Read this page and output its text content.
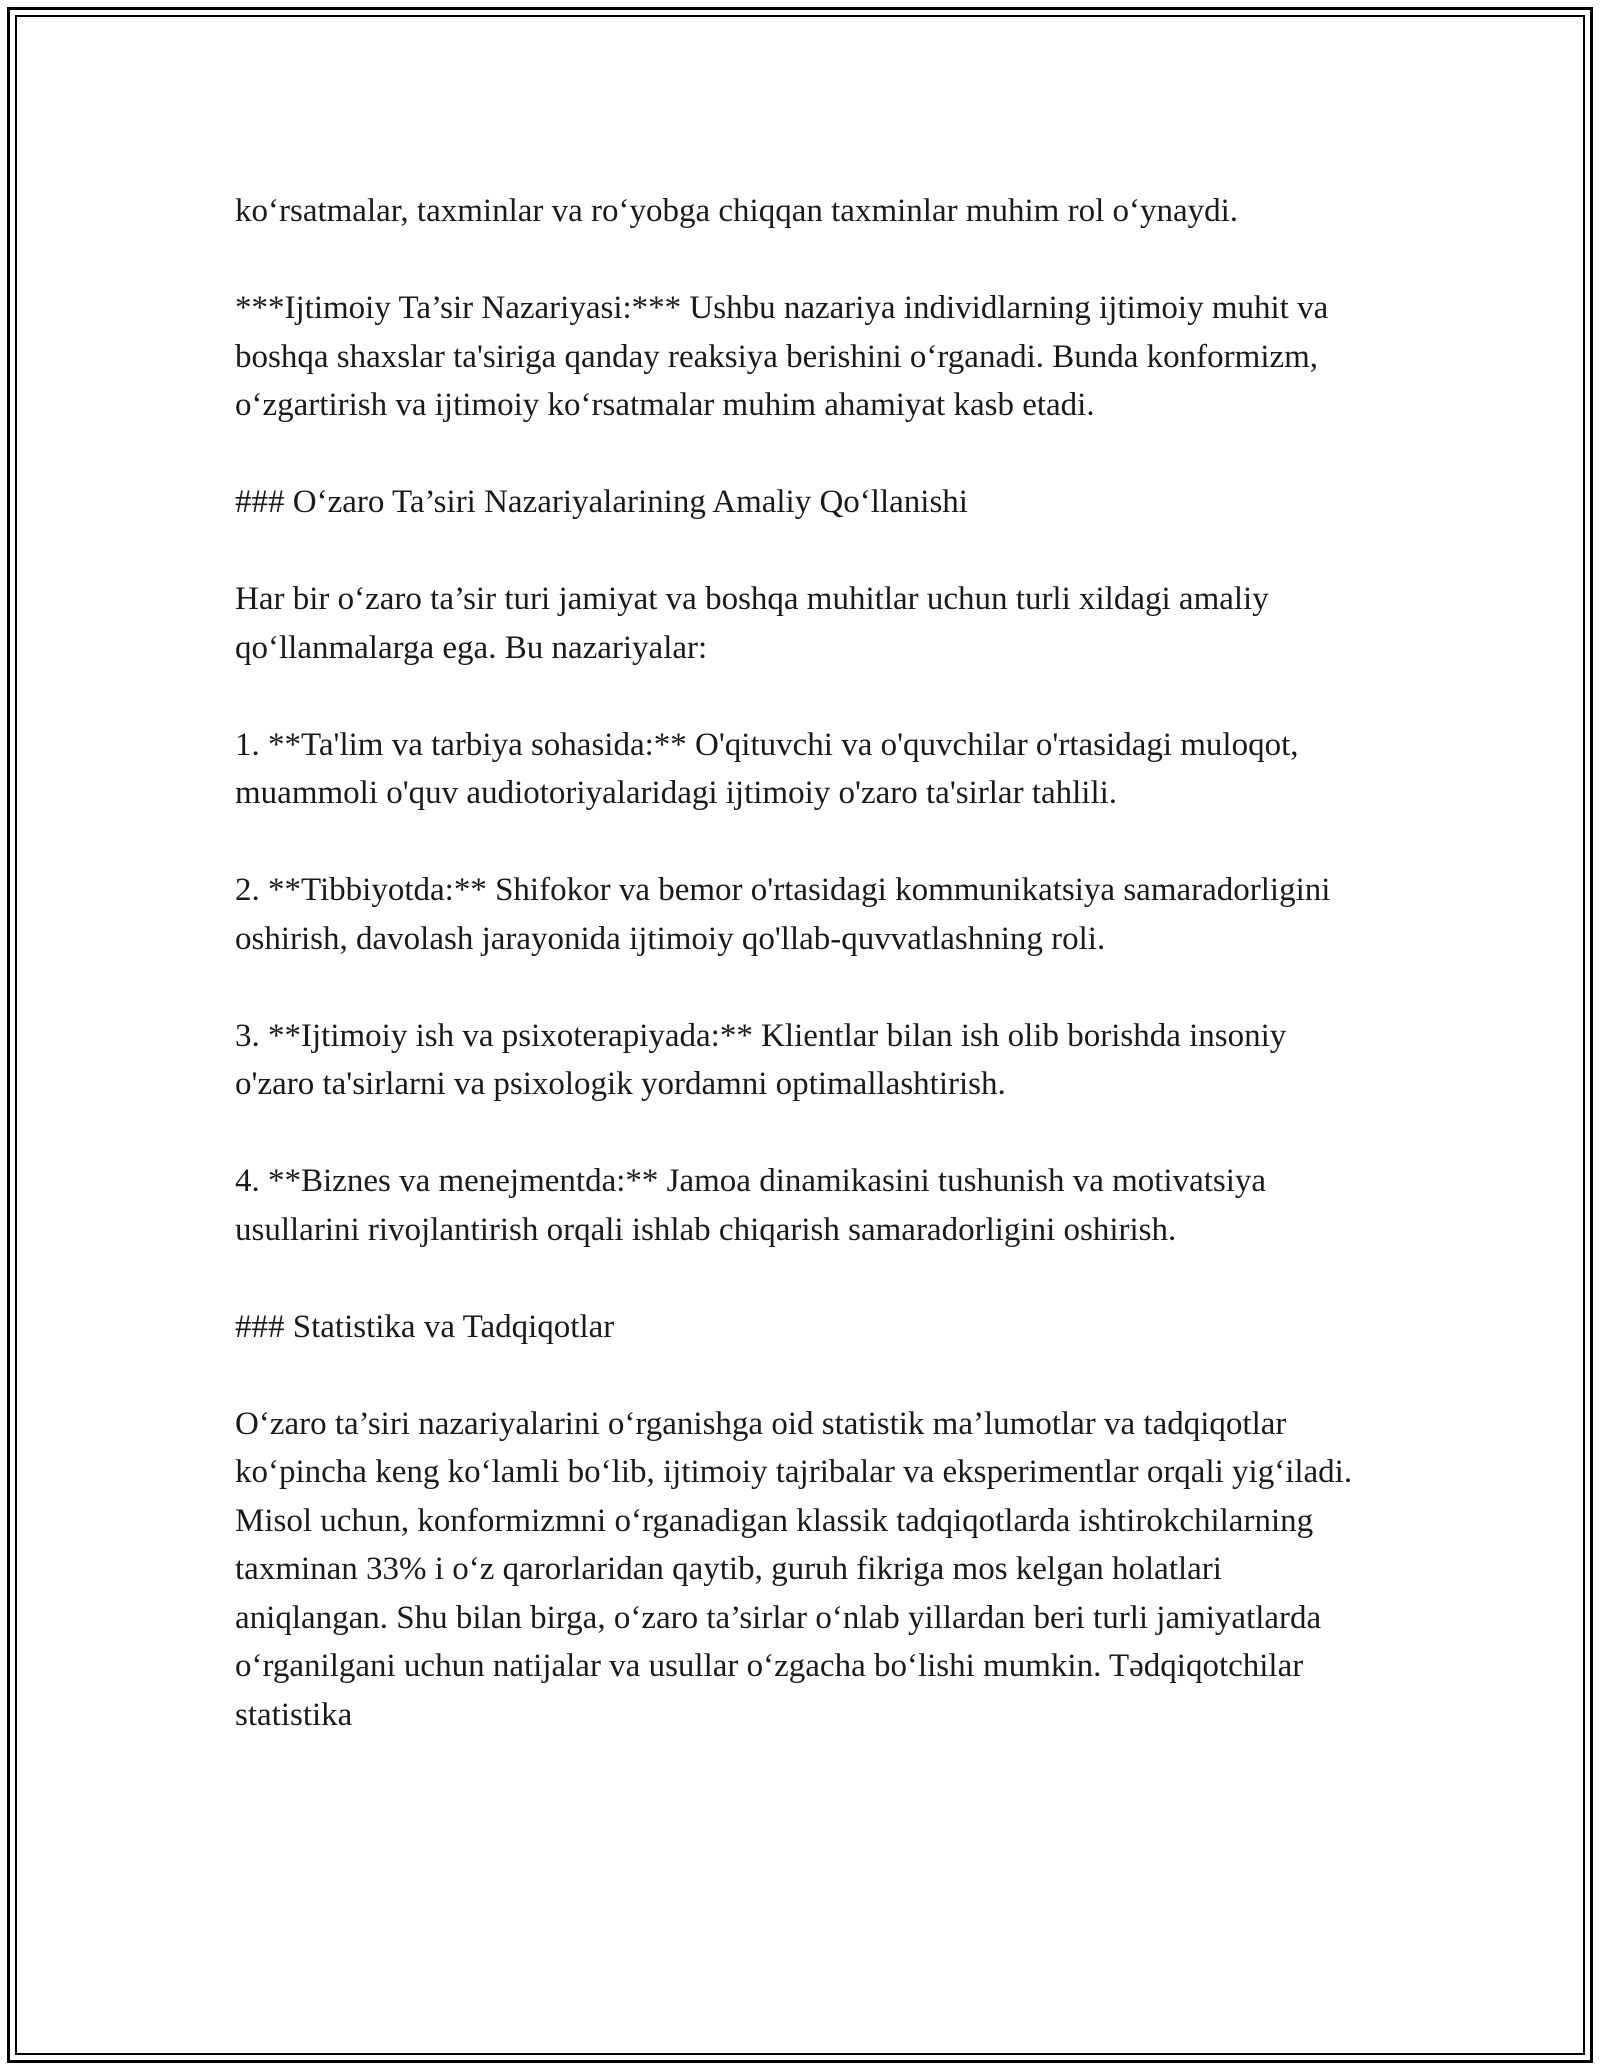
ko‘rsatmalar, taxminlar va ro‘yobga chiqqan taxminlar muhim rol o‘ynaydi.

***Ijtimoiy Ta’sir Nazariyasi:*** Ushbu nazariya individlarning ijtimoiy muhit va boshqa shaxslar ta'siriga qanday reaksiya berishini o‘rganadi. Bunda konformizm, o‘zgartirish va ijtimoiy ko‘rsatmalar muhim ahamiyat kasb etadi.

### O‘zaro Ta’siri Nazariyalarining Amaliy Qo‘llanishi

Har bir o‘zaro ta’sir turi jamiyat va boshqa muhitlar uchun turli xildagi amaliy qo‘llanmalarga ega. Bu nazariyalar:

1. **Ta'lim va tarbiya sohasida:** O'qituvchi va o'quvchilar o'rtasidagi muloqot, muammoli o'quv audiotoriyalaridagi ijtimoiy o'zaro ta'sirlar tahlili.

2. **Tibbiyotda:** Shifokor va bemor o'rtasidagi kommunikatsiya samaradorligini oshirish, davolash jarayonida ijtimoiy qo'llab-quvvatlashning roli.

3. **Ijtimoiy ish va psixoterapiyada:** Klientlar bilan ish olib borishda insoniy o'zaro ta'sirlarni va psixologik yordamni optimallashtirish.

4. **Biznes va menejmentda:** Jamoa dinamikasini tushunish va motivatsiya usullarini rivojlantirish orqali ishlab chiqarish samaradorligini oshirish.

### Statistika va Tadqiqotlar

O‘zaro ta’siri nazariyalarini o‘rganishga oid statistik ma’lumotlar va tadqiqotlar ko‘pincha keng ko‘lamli bo‘lib, ijtimoiy tajribalar va eksperimentlar orqali yig‘iladi. Misol uchun, konformizmni o‘rganadigan klassik tadqiqotlarda ishtirokchilarning taxminan 33% i o‘z qarorlaridan qaytib, guruh fikriga mos kelgan holatlari aniqlangan. Shu bilan birga, o‘zaro ta’sirlar o‘nlab yillardan beri turli jamiyatlarda o‘rganilgani uchun natijalar va usullar o‘zgacha bo‘lishi mumkin. Tədqiqotchilar statistika
